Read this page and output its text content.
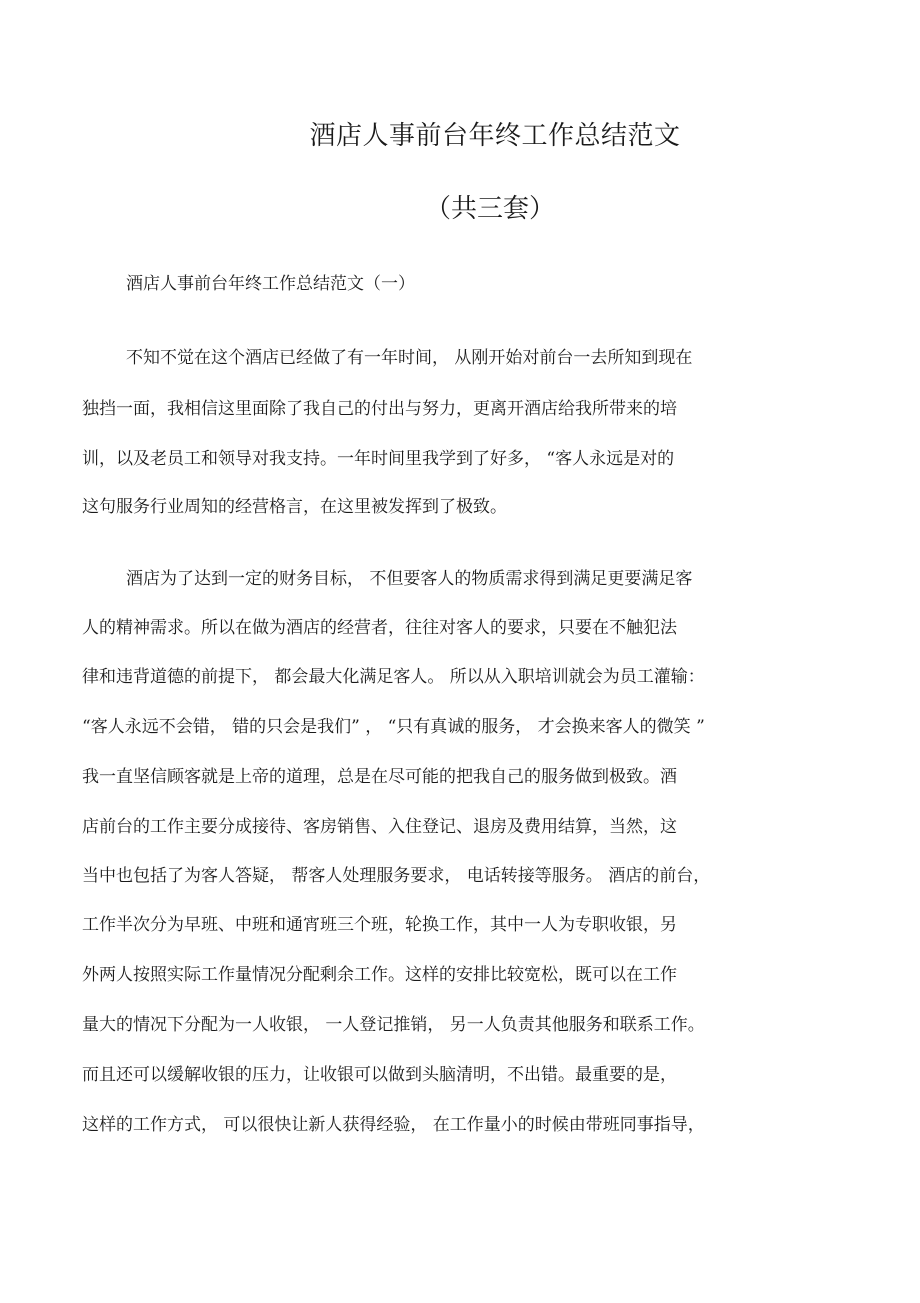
酒店人事前台年终工作总结范文
（共三套）
酒店人事前台年终工作总结范文（一）
不知不觉在这个酒店已经做了有一年时间， 从刚开始对前台一去所知到现在
独挡一面，我相信这里面除了我自己的付出与努力，更离开酒店给我所带来的培
训，以及老员工和领导对我支持。一年时间里我学到了好多， “客人永远是对的
这句服务行业周知的经营格言，在这里被发挥到了极致。
酒店为了达到一定的财务目标， 不但要客人的物质需求得到满足更要满足客
人的精神需求。所以在做为酒店的经营者，往往对客人的要求，只要在不触犯法
律和违背道德的前提下， 都会最大化满足客人。 所以从入职培训就会为员工灌输：
“客人永远不会错， 错的只会是我们” ， “只有真诚的服务， 才会换来客人的微笑 ”
我一直坚信顾客就是上帝的道理，总是在尽可能的把我自己的服务做到极致。酒
店前台的工作主要分成接待、客房销售、入住登记、退房及费用结算，当然，这
当中也包括了为客人答疑， 帮客人处理服务要求， 电话转接等服务。 酒店的前台，
工作半次分为早班、中班和通宵班三个班，轮换工作，其中一人为专职收银，另
外两人按照实际工作量情况分配剩余工作。这样的安排比较宽松，既可以在工作
量大的情况下分配为一人收银， 一人登记推销， 另一人负责其他服务和联系工作。
而且还可以缓解收银的压力，让收银可以做到头脑清明，不出错。最重要的是，
这样的工作方式， 可以很快让新人获得经验， 在工作量小的时候由带班同事指导，
